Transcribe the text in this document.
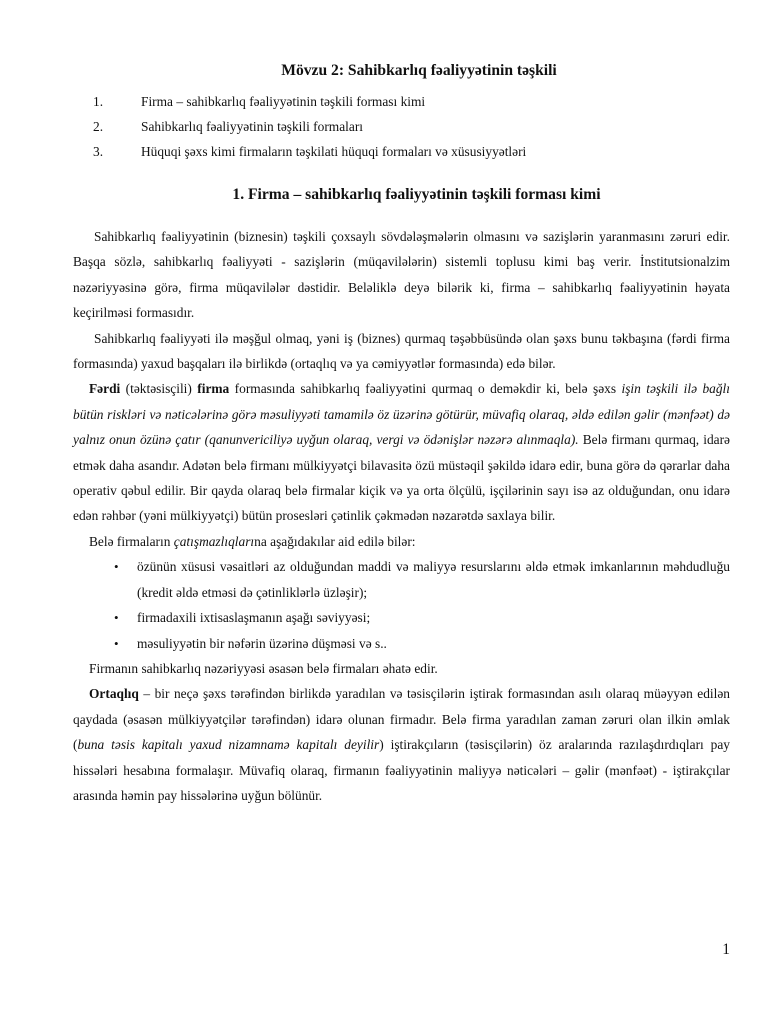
Mövzu 2: Sahibkarlıq fəaliyyətinin təşkili
1.	Firma – sahibkarlıq fəaliyyətinin təşkili forması kimi
2.	Sahibkarlıq fəaliyyətinin təşkili formaları
3.	Hüquqi şəxs kimi firmaların təşkilati hüquqi formaları və xüsusiyyətləri
1. Firma – sahibkarlıq fəaliyyətinin təşkili forması kimi

Sahibkarlıq fəaliyyətinin (biznesin) təşkili çoxsaylı sövdələşmələrin olmasını və sazişlərin yaranmasını zəruri edir. Başqa sözlə, sahibkarlıq fəaliyyəti - sazişlərin (müqavilələrin) sistemli toplusu kimi baş verir. İnstitutsionalzim nəzəriyyəsinə görə, firma müqavilələr dəstidir. Beləliklə deyə bilərik ki, firma – sahibkarlıq fəaliyyətinin həyata keçirilməsi formasıdır.

Sahibkarlıq fəaliyyəti ilə məşğul olmaq, yəni iş (biznes) qurmaq təşəbbüsündə olan şəxs bunu təkbaşına (fərdi firma formasında) yaxud başqaları ilə birlikdə (ortaqlıq və ya cəmiyyətlər formasında) edə bilər.

Fərdi (təktəsisçili) firma formasında sahibkarlıq fəaliyyətini qurmaq o deməkdir ki, belə şəxs işin təşkili ilə bağlı bütün riskləri və nəticələrinə görə məsuliyyəti tamamilə öz üzərinə götürür, müvafiq olaraq, əldə edilən gəlir (mənfəət) də yalnız onun özünə çatır (qanunvericiliyə uyğun olaraq, vergi və ödənişlər nəzərə alınmaqla). Belə firmanı qurmaq, idarə etmək daha asandır. Adətən belə firmanı mülkiyyətçi bilavasitə özü müstəqil şəkildə idarə edir, buna görə də qərarlar daha operativ qəbul edilir. Bir qayda olaraq belə firmalar kiçik və ya orta ölçülü, işçilərinin sayı isə az olduğundan, onu idarə edən rəhbər (yəni mülkiyyətçi) bütün prosesləri çətinlik çəkmədən nəzarətdə saxlaya bilir.

Belə firmaların çatışmazlıqlarına aşağıdakılar aid edilə bilər:

• özünün xüsusi vəsaitləri az olduğundan maddi və maliyyə resurslarını əldə etmək imkanlarının məhdudluğu (kredit əldə etməsi də çətinliklərlə üzləşir);
• firmadaxili ixtisaslaşmanın aşağı səviyyəsi;
• məsuliyyətin bir nəfərin üzərinə düşməsi və s..

Firmanın sahibkarlıq nəzəriyyəsi əsasən belə firmaları əhatə edir.

Ortaqlıq – bir neçə şəxs tərəfindən birlikdə yaradılan və təsisçilərin iştirak formasından asılı olaraq müəyyən edilən qaydada (əsasən mülkiyyətçilər tərəfindən) idarə olunan firmadır. Belə firma yaradılan zaman zəruri olan ilkin əmlak (buna təsis kapitalı yaxud nizamnamə kapitalı deyilir) iştirakçıların (təsisçilərin) öz aralarında razılaşdırdıqları pay hissələri hesabına formalaşır. Müvafiq olaraq, firmanın fəaliyyətinin maliyyə nəticələri – gəlir (mənfəət) - iştirakçılar arasında həmin pay hissələrinə uyğun bölünür.

1
